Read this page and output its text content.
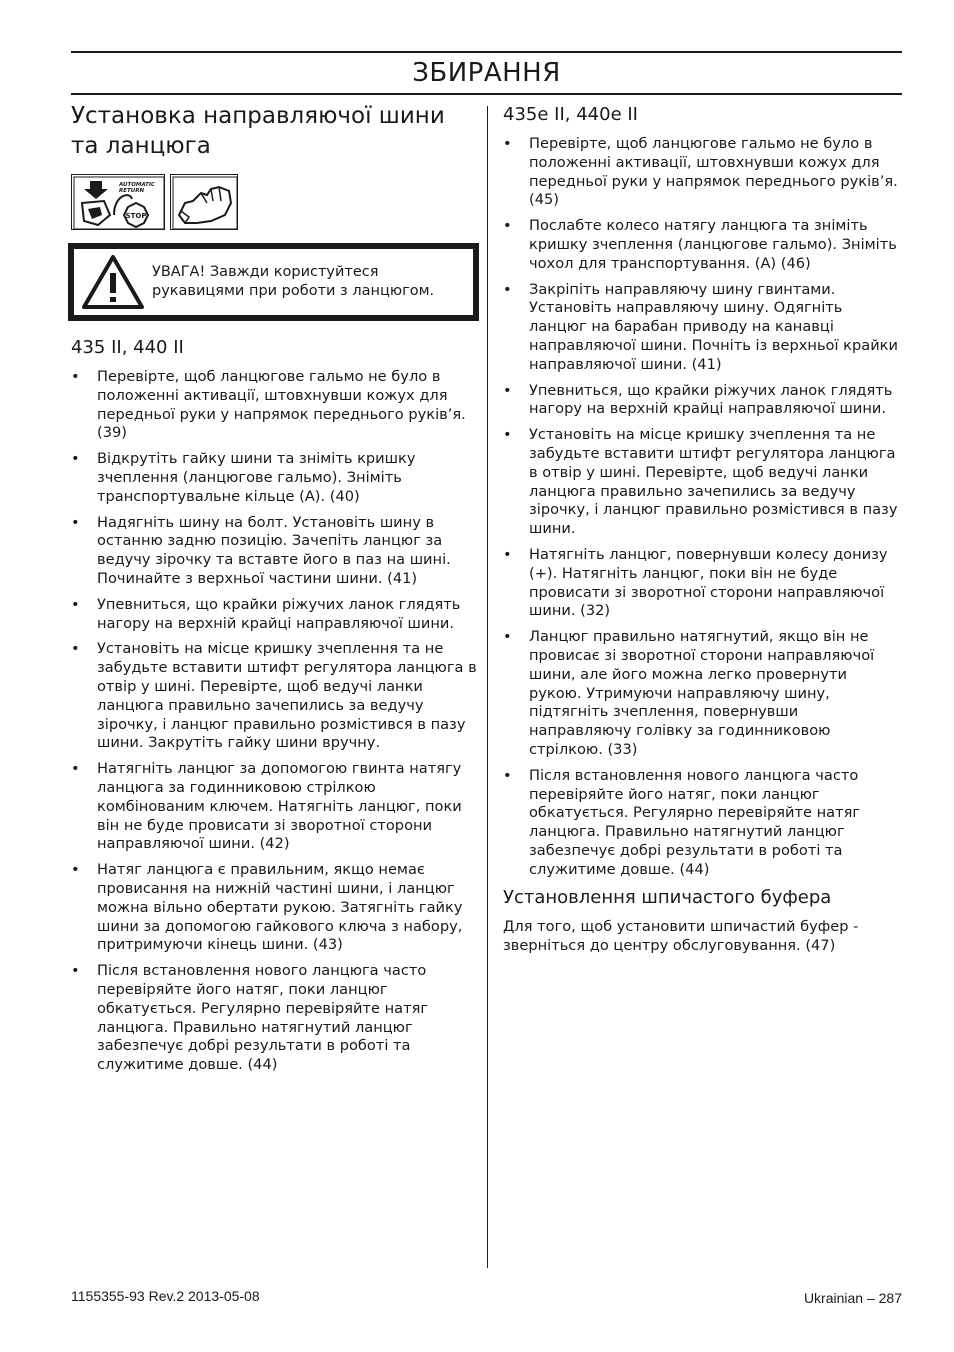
ЗБИРАННЯ
Установка направляючої шини та ланцюга
STOP
AUTOMATIC
RETURN
УВАГА! Завжди користуйтеся рукавицями при роботи з ланцюгом.
435 II, 440 II
• Перевірте, щоб ланцюгове гальмо не було в положенні активації, штовхнувши кожух для передньої руки у напрямок переднього руків’я. (39)
• Відкрутіть гайку шини та зніміть кришку зчеплення (ланцюгове гальмо). Зніміть транспортувальне кільце (A). (40)
• Надягніть шину на болт. Установіть шину в останню задню позицію. Зачепіть ланцюг за ведучу зірочку та вставте його в паз на шині. Починайте з верхньої частини шини. (41)
• Упевниться, що крайки ріжучих ланок глядять нагору на верхній крайці направляючої шини.
• Установіть на місце кришку зчеплення та не забудьте вставити штифт регулятора ланцюга в отвір у шині. Перевірте, щоб ведучі ланки ланцюга правильно зачепились за ведучу зірочку, і ланцюг правильно розмістився в пазу шини. Закрутіть гайку шини вручну.
• Натягніть ланцюг за допомогою гвинта натягу ланцюга за годинниковою стрілкою комбінованим ключем. Натягніть ланцюг, поки він не буде провисати зі зворотної сторони направляючої шини. (42)
• Натяг ланцюга є правильним, якщо немає провисання на нижній частині шини, і ланцюг можна вільно обертати рукою. Затягніть гайку шини за допомогою гайкового ключа з набору, притримуючи кінець шини. (43)
• Після встановлення нового ланцюга часто перевіряйте його натяг, поки ланцюг обкатується. Регулярно перевіряйте натяг ланцюга. Правильно натягнутий ланцюг забезпечує добрі результати в роботі та служитиме довше. (44)
435e II, 440e II
• Перевірте, щоб ланцюгове гальмо не було в положенні активації, штовхнувши кожух для передньої руки у напрямок переднього руків’я. (45)
• Послабте колесо натягу ланцюга та зніміть кришку зчеплення (ланцюгове гальмо). Зніміть чохол для транспортування. (A) (46)
• Закріпіть направляючу шину гвинтами. Установіть направляючу шину. Одягніть ланцюг на барабан приводу на канавці направляючої шини. Почніть із верхньої крайки направляючої шини. (41)
• Упевниться, що крайки ріжучих ланок глядять нагору на верхній крайці направляючої шини.
• Установіть на місце кришку зчеплення та не забудьте вставити штифт регулятора ланцюга в отвір у шині. Перевірте, щоб ведучі ланки ланцюга правильно зачепились за ведучу зірочку, і ланцюг правильно розмістився в пазу шини.
• Натягніть ланцюг, повернувши колесу донизу (+). Натягніть ланцюг, поки він не буде провисати зі зворотної сторони направляючої шини. (32)
• Ланцюг правильно натягнутий, якщо він не провисає зі зворотної сторони направляючої шини, але його можна легко провернути рукою. Утримуючи направляючу шину, підтягніть зчеплення, повернувши направляючу голівку за годинниковою стрілкою. (33)
• Після встановлення нового ланцюга часто перевіряйте його натяг, поки ланцюг обкатується. Регулярно перевіряйте натяг ланцюга. Правильно натягнутий ланцюг забезпечує добрі результати в роботі та служитиме довше. (44)
Установлення шпичастого буфера

Для того, щоб установити шпичастий буфер - зверніться до центру обслуговування. (47)

1155355-93 Rev.2 2013-05-08	Ukrainian – 287
